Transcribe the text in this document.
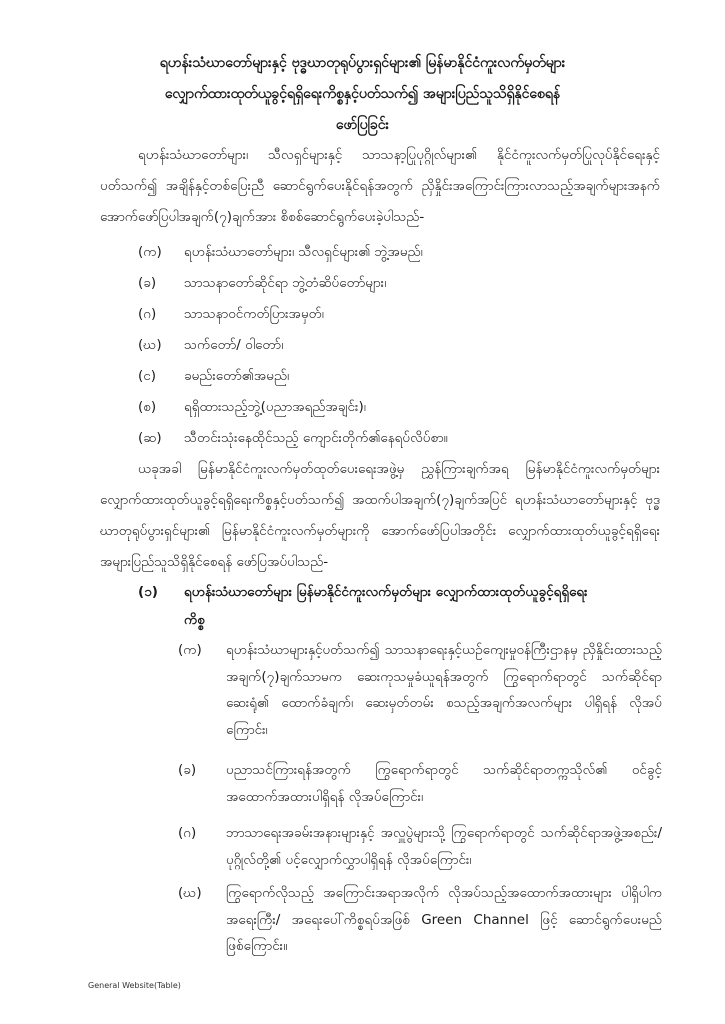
ရဟန်းသံဃာတော်များနှင့် ဗုဒ္ဓဃာတုရုပ်ပွားရှင်များ၏ မြန်မာနိုင်ငံကူးလက်မှတ်များ
လျှောက်ထားထုတ်ယူခွင့်ရရှိရေးကိစ္စနှင့်ပတ်သက်၍ အများပြည်သူသိရှိနိုင်စေရန်
ဖော်ပြခြင်း
ရဟန်းသံဃာတော်များ၊ သီလရှင်များနှင့် သာသနာ့ပြုပုဂ္ဂိုလ်များ၏ နိုင်ငံကူးလက်မှတ်ပြုလုပ်နိုင်ရေးနှင့်ပတ်သက်၍ အချိန်နှင့်တစ်ပြေးညီ ဆောင်ရွက်ပေးနိုင်ရန်အတွက် ညှိနှိုင်းအကြောင်းကြားလာသည့်အချက်များအနက် အောက်ဖော်ပြပါအချက်(၇)ချက်အား စိစစ်ဆောင်ရွက်ပေးခဲ့ပါသည်-
(က) ရဟန်းသံဃာတော်များ၊ သီလရှင်များ၏ ဘွဲ့အမည်၊
(ခ) သာသနာတော်ဆိုင်ရာ ဘွဲ့တံဆိပ်တော်များ၊
(ဂ) သာသနာဝင်ကတ်ပြားအမှတ်၊
(ဃ) သက်တော်/ ဝါတော်၊
(င) ခမည်းတော်၏အမည်၊
(စ) ရရှိထားသည့်ဘွဲ့(ပညာအရည်အချင်း)၊
(ဆ) သီတင်းသုံးနေထိုင်သည့် ကျောင်းတိုက်၏နေရပ်လိပ်စာ။
ယခုအခါ မြန်မာနိုင်ငံကူးလက်မှတ်ထုတ်ပေးရေးအဖွဲ့မှ ညွှန်ကြားချက်အရ မြန်မာနိုင်ငံကူးလက်မှတ်များ လျှောက်ထားထုတ်ယူခွင့်ရရှိရေးကိစ္စနှင့်ပတ်သက်၍ အထက်ပါအချက်(၇)ချက်အပြင် ရဟန်းသံဃာတော်များနှင့် ဗုဒ္ဓဃာတုရုပ်ပွားရှင်များ၏ မြန်မာနိုင်ငံကူးလက်မှတ်များကို အောက်ဖော်ပြပါအတိုင်း လျှောက်ထားထုတ်ယူခွင့်ရရှိရေး အများပြည်သူသိရှိနိုင်စေရန် ဖော်ပြအပ်ပါသည်-
(၁) ရဟန်းသံဃာတော်များ မြန်မာနိုင်ငံကူးလက်မှတ်များ လျှောက်ထားထုတ်ယူခွင့်ရရှိရေး
ကိစ္စ
(က) ရဟန်းသံဃာများနှင့်ပတ်သက်၍ သာသနာရေးနှင့်ယဉ်ကျေးမှုဝန်ကြီးဌာနမှ ညှိနှိုင်းထားသည့် အချက်(၇)ချက်သာမက ဆေးကုသမှုခံယူရန်အတွက် ကြွရောက်ရာတွင် သက်ဆိုင်ရာဆေးရုံ၏ ထောက်ခံချက်၊ ဆေးမှတ်တမ်း စသည့်အချက်အလက်များ ပါရှိရန် လိုအပ်ကြောင်း၊
(ခ) ပညာသင်ကြားရန်အတွက် ကြွရောက်ရာတွင် သက်ဆိုင်ရာတက္ကသိုလ်၏ ဝင်ခွင့်အထောက်အထားပါရှိရန် လိုအပ်ကြောင်း၊
(ဂ) ဘာသာရေးအခမ်းအနားများနှင့် အလှူပွဲများသို့ ကြွရောက်ရာတွင် သက်ဆိုင်ရာအဖွဲ့အစည်း/ ပုဂ္ဂိုလ်တို့၏ ပင့်လျှောက်လွှာပါရှိရန် လိုအပ်ကြောင်း၊
(ဃ) ကြွရောက်လိုသည့် အကြောင်းအရာအလိုက် လိုအပ်သည့်အထောက်အထားများ ပါရှိပါက အရေးကြီး/ အရေးပေါ်ကိစ္စရပ်အဖြစ် Green Channel ဖြင့် ဆောင်ရွက်ပေးမည်ဖြစ်ကြောင်း။
General Website(Table)
